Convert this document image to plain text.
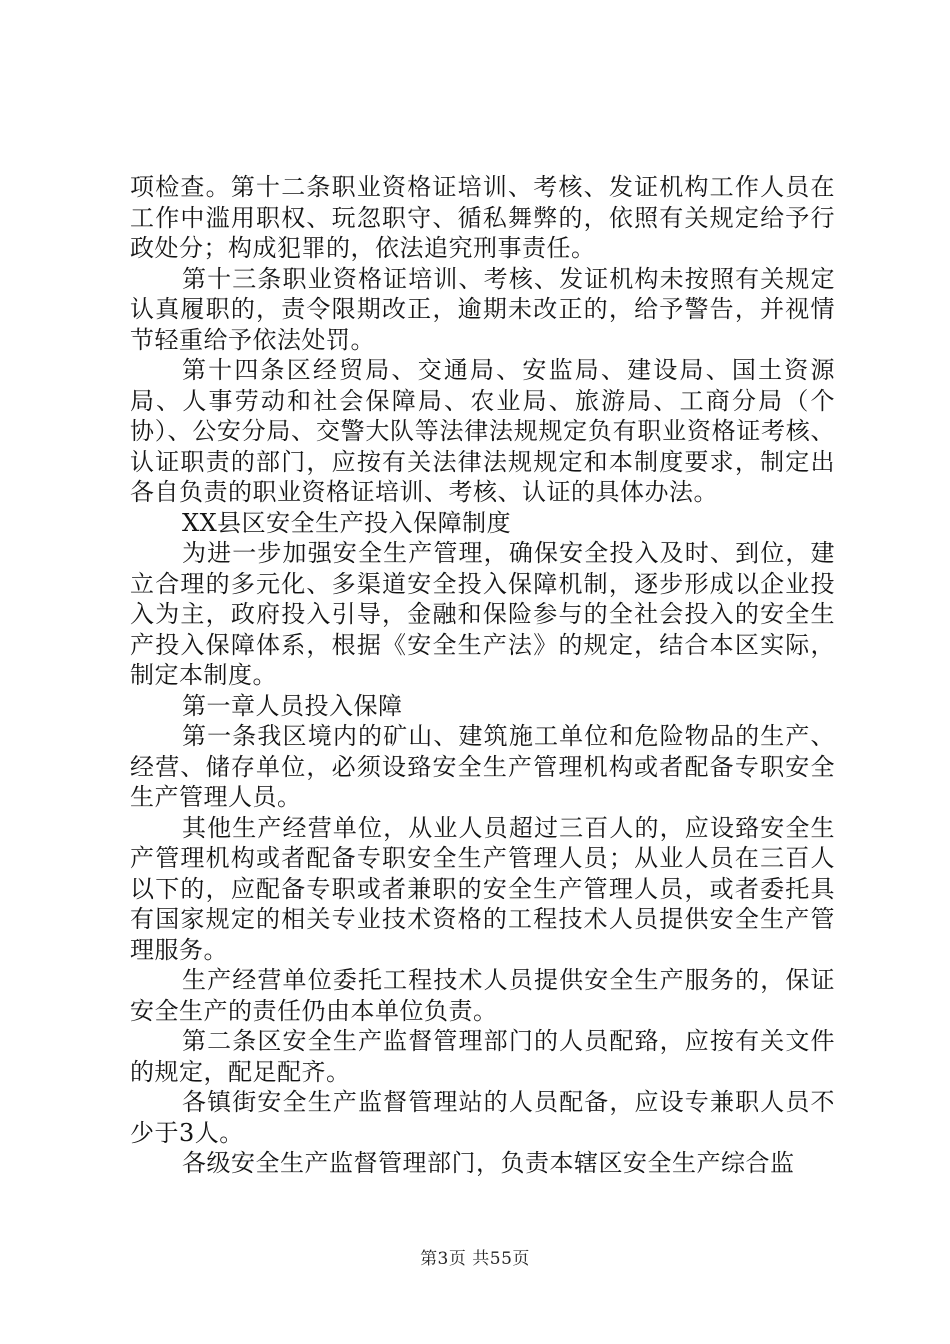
项检查。第十二条职业资格证培训、考核、发证机构工作人员在工作中滥用职权、玩忽职守、循私舞弊的，依照有关规定给予行政处分；构成犯罪的，依法追究刑事责任。

第十三条职业资格证培训、考核、发证机构未按照有关规定认真履职的，责令限期改正，逾期未改正的，给予警告，并视情节轻重给予依法处罚。

第十四条区经贸局、交通局、安监局、建设局、国土资源局、人事劳动和社会保障局、农业局、旅游局、工商分局（个协）、公安分局、交警大队等法律法规规定负有职业资格证考核、认证职责的部门，应按有关法律法规规定和本制度要求，制定出各自负责的职业资格证培训、考核、认证的具体办法。

XX县区安全生产投入保障制度

为进一步加强安全生产管理，确保安全投入及时、到位，建立合理的多元化、多渠道安全投入保障机制，逐步形成以企业投入为主，政府投入引导，金融和保险参与的全社会投入的安全生产投入保障体系，根据《安全生产法》的规定，结合本区实际，制定本制度。

第一章人员投入保障

第一条我区境内的矿山、建筑施工单位和危险物品的生产、经营、储存单位，必须设臵安全生产管理机构或者配备专职安全生产管理人员。

其他生产经营单位，从业人员超过三百人的，应设臵安全生产管理机构或者配备专职安全生产管理人员；从业人员在三百人以下的，应配备专职或者兼职的安全生产管理人员，或者委托具有国家规定的相关专业技术资格的工程技术人员提供安全生产管理服务。

生产经营单位委托工程技术人员提供安全生产服务的，保证安全生产的责任仍由本单位负责。

第二条区安全生产监督管理部门的人员配臵，应按有关文件的规定，配足配齐。

各镇街安全生产监督管理站的人员配备，应设专兼职人员不少于3人。

各级安全生产监督管理部门，负责本辖区安全生产综合监

第3页 共55页
